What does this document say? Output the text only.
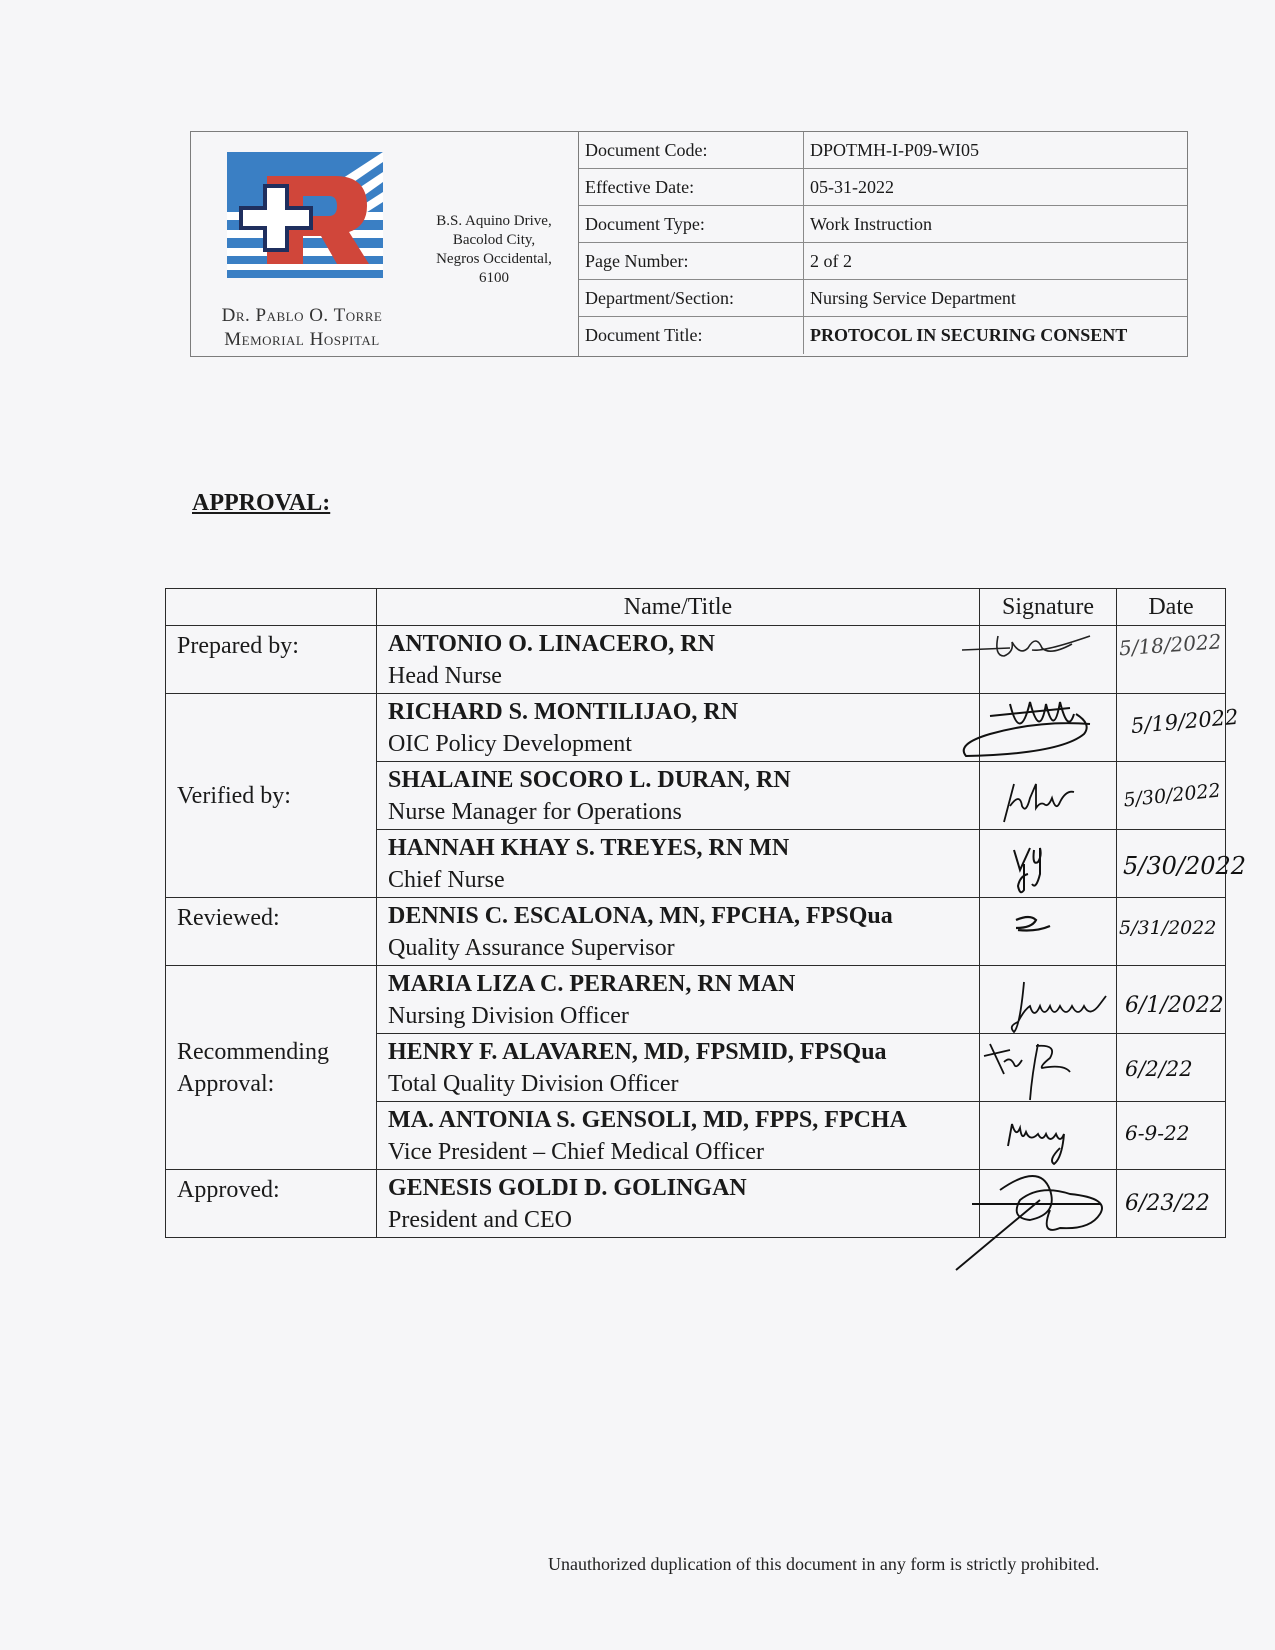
Dr. Pablo O. Torre
Memorial Hospital
B.S. Aquino Drive,
Bacolod City,
Negros Occidental,
6100
Document Code:	DPOTMH-I-P09-WI05
Effective Date:	05-31-2022
Document Type:	Work Instruction
Page Number:	2 of 2
Department/Section:	Nursing Service Department
Document Title:	PROTOCOL IN SECURING CONSENT
APPROVAL:
	Name/Title	Signature	Date
Prepared by:	ANTONIO O. LINACERO, RN
Head Nurse		5/18/2022

Verified by:	RICHARD S. MONTILIJAO, RN
OIC Policy Development		5/19/2022

	SHALAINE SOCORO L. DURAN, RN
Nurse Manager for Operations		5/30/2022

	HANNAH KHAY S. TREYES, RN MN
Chief Nurse		5/30/2022

Reviewed:	DENNIS C. ESCALONA, MN, FPCHA, FPSQua
Quality Assurance Supervisor		5/31/2022

Recommending Approval:	MARIA LIZA C. PERAREN, RN MAN
Nursing Division Officer		6/1/2022

	HENRY F. ALAVAREN, MD, FPSMID, FPSQua
Total Quality Division Officer		6/2/22

	MA. ANTONIA S. GENSOLI, MD, FPPS, FPCHA
Vice President – Chief Medical Officer		6-9-22

Approved:	GENESIS GOLDI D. GOLINGAN
President and CEO		6/23/22
Unauthorized duplication of this document in any form is strictly prohibited.
